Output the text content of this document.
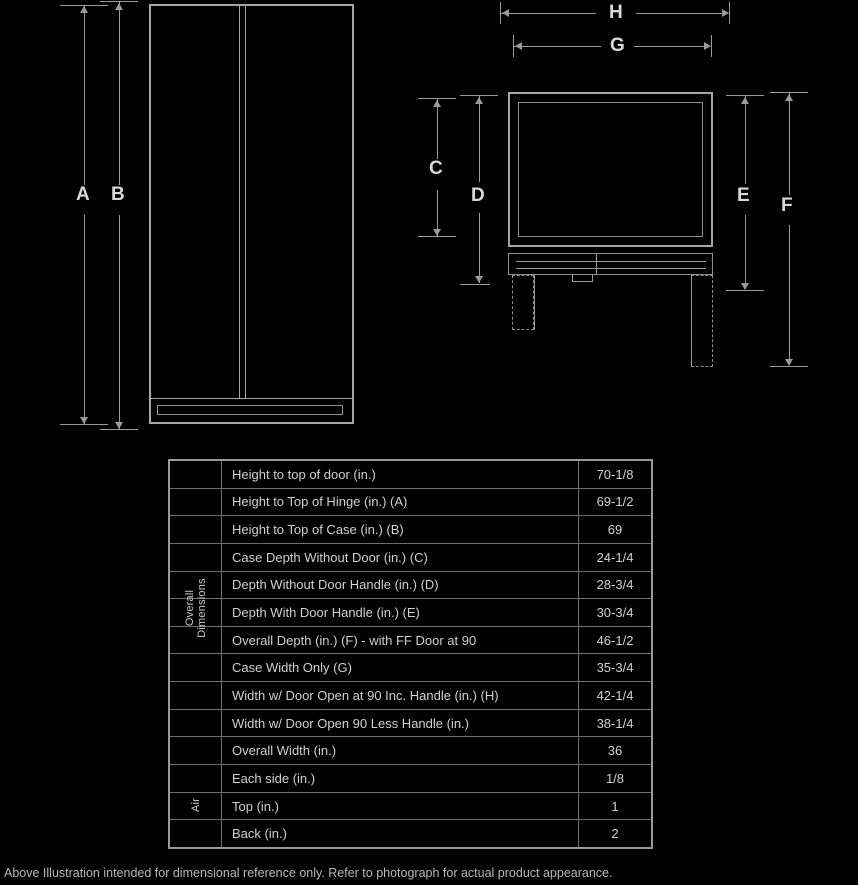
A B
H
G
C
D	E F
Overall
Dimensions
Height to top of door (in.)	70-1/8
Height to Top of Hinge (in.) (A)	69-1/2
Height to Top of Case (in.) (B)	69
Case Depth Without Door (in.) (C)	24-1/4
Depth Without Door Handle (in.) (D)	28-3/4
Depth With Door Handle (in.) (E)	30-3/4
Overall Depth (in.) (F) - with FF Door at 90	46-1/2
Case Width Only (G)	35-3/4
Width w/ Door Open at 90 Inc. Handle (in.) (H)	42-1/4
Width w/ Door Open 90 Less Handle (in.)	38-1/4
Overall Width (in.)	36
Air
Each side (in.)	1/8
Top (in.)	1
Back (in.)	2
Above Illustration intended for dimensional reference only. Refer to photograph for actual product appearance.
